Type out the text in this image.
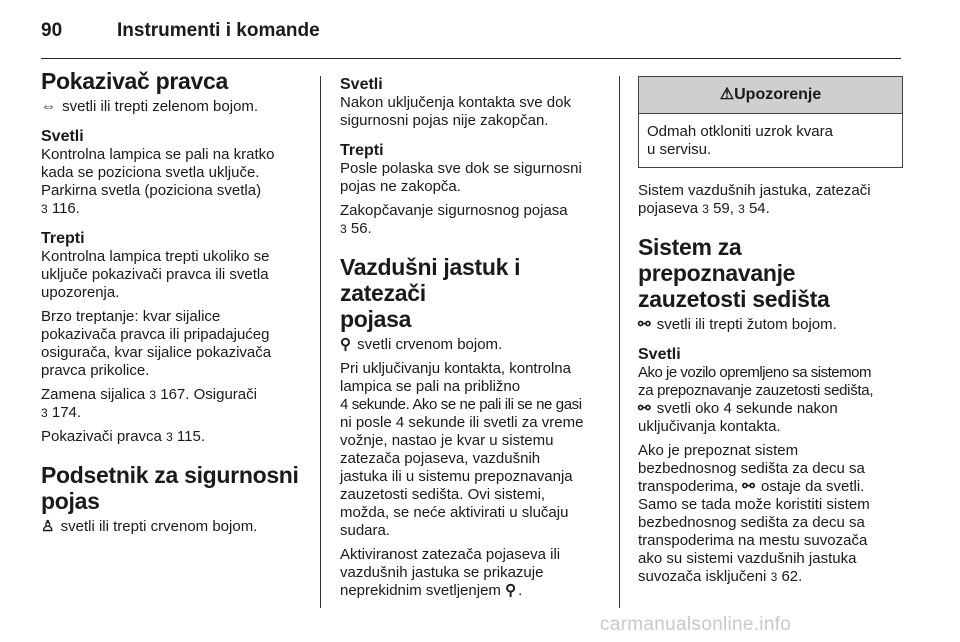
90	Instrumenti i komande
Pokazivač pravca

⇔ svetli ili trepti zelenom bojom.

Svetli

Kontrolna lampica se pali na kratko
kada se poziciona svetla uključe.
Parkirna svetla (poziciona svetla)
3 116.

Trepti

Kontrolna lampica trepti ukoliko se
uključe pokazivači pravca ili svetla
upozorenja.

Brzo treptanje: kvar sijalice
pokazivača pravca ili pripadajućeg
osigurača, kvar sijalice pokazivača
pravca prikolice.

Zamena sijalica 3 167. Osigurači
3 174.

Pokazivači pravca 3 115.

Podsetnik za sigurnosni
pojas

♙ svetli ili trepti crvenom bojom.

Svetli

Nakon uključenja kontakta sve dok
sigurnosni pojas nije zakopčan.

Trepti

Posle polaska sve dok se sigurnosni
pojas ne zakopča.

Zakopčavanje sigurnosnog pojasa
3 56.

Vazdušni jastuk i zatezači
pojasa

⚲ svetli crvenom bojom.

Pri uključivanju kontakta, kontrolna
lampica se pali na približno
4 sekunde. Ako se ne pali ili se ne gasi
ni posle 4 sekunde ili svetli za vreme
vožnje, nastao je kvar u sistemu
zatezača pojaseva, vazdušnih
jastuka ili u sistemu prepoznavanja
zauzetosti sedišta. Ovi sistemi,
možda, se neće aktivirati u slučaju
sudara.

Aktiviranost zatezača pojaseva ili
vazdušnih jastuka se prikazuje
neprekidnim svetljenjem ⚲ .

⚠Upozorenje
Odmah otkloniti uzrok kvara
u servisu.

Sistem vazdušnih jastuka, zatezači
pojaseva 3 59, 3 54.

Sistem za prepoznavanje
zauzetosti sedišta

⚯ svetli ili trepti žutom bojom.

Svetli

Ako je vozilo opremljeno sa sistemom
za prepoznavanje zauzetosti sedišta,
⚯ svetli oko 4 sekunde nakon
uključivanja kontakta.

Ako je prepoznat sistem
bezbednosnog sedišta za decu sa
transpoderima, ⚯ ostaje da svetli.
Samo se tada može koristiti sistem
bezbednosnog sedišta za decu sa
transpoderima na mestu suvozača
ako su sistemi vazdušnih jastuka
suvozača isključeni 3 62.

carmanualsonline.info
